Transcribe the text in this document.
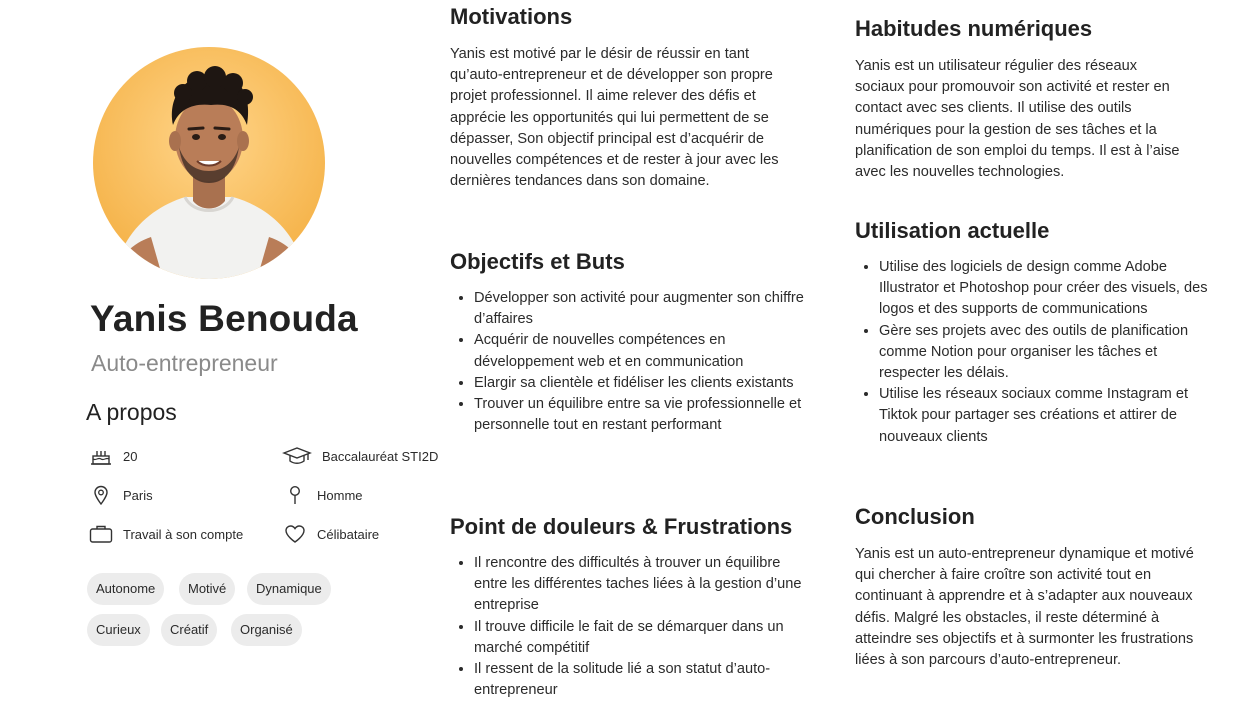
Yanis Benouda
Auto-entrepreneur
A propos
20	Baccalauréat STI2D
Paris	Homme
Travail à son compte	Célibataire
Autonome	Motivé	Dynamique
Curieux	Créatif	Organisé
Motivations

Yanis est motivé par le désir de réussir en tant qu’auto-entrepreneur et de développer son propre projet professionnel. Il aime relever des défis et apprécie les opportunités qui lui permettent de se dépasser, Son objectif principal est d’acquérir de nouvelles compétences et de rester à jour avec les dernières tendances dans son domaine.

Objectifs et Buts
• Développer son activité pour augmenter son chiffre d’affaires
• Acquérir de nouvelles compétences en développement web et en communication
• Elargir sa clientèle et fidéliser les clients existants
• Trouver un équilibre entre sa vie professionnelle et personnelle tout en restant performant
Point de douleurs & Frustrations
• Il rencontre des difficultés à trouver un équilibre entre les différentes taches liées à la gestion d’une entreprise
• Il trouve difficile le fait de se démarquer dans un marché compétitif
• Il ressent de la solitude lié a son statut d’auto-entrepreneur
Habitudes numériques

Yanis est un utilisateur régulier des réseaux sociaux pour promouvoir son activité et rester en contact avec ses clients. Il utilise des outils numériques pour la gestion de ses tâches et la planification de son emploi du temps. Il est à l’aise avec les nouvelles technologies.

Utilisation actuelle
• Utilise des logiciels de design comme Adobe Illustrator et Photoshop pour créer des visuels, des logos et des supports de communications
• Gère ses projets avec des outils de planification comme Notion pour organiser les tâches et respecter les délais.
• Utilise les réseaux sociaux comme Instagram et Tiktok pour partager ses créations et attirer de nouveaux clients
Conclusion

Yanis est un auto-entrepreneur dynamique et motivé qui chercher à faire croître son activité tout en continuant à apprendre et à s’adapter aux nouveaux défis. Malgré les obstacles, il reste déterminé à atteindre ses objectifs et à surmonter les frustrations liées à son parcours d’auto-entrepreneur.
